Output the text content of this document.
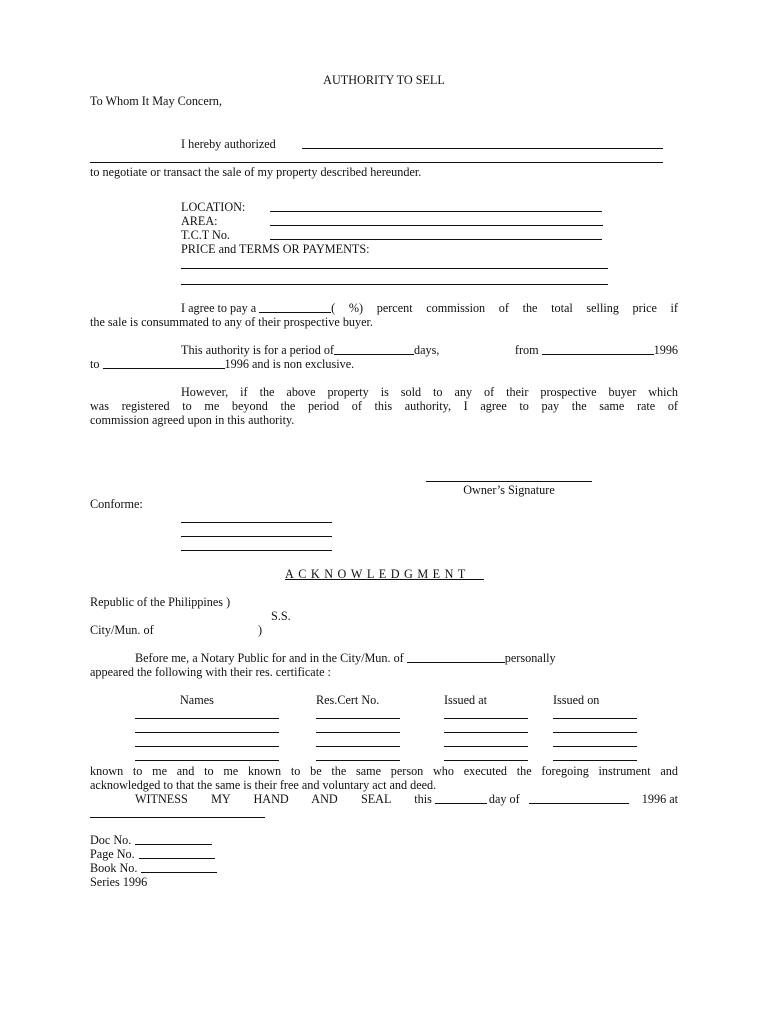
AUTHORITY TO SELL
To Whom It May Concern,
I hereby authorized
to negotiate or transact the sale of my property described hereunder.
LOCATION:
AREA:
T.C.T No.
PRICE and TERMS OR PAYMENTS:
I agree to pay a	( %) percent commission of the total selling price if
the sale is consummated to any of their prospective buyer.
This authority is for a period of	days, from	1996
to	1996 and is non exclusive.
However, if the above property is sold to any of their prospective buyer which
was registered to me beyond the period of this authority, I agree to pay the same rate of
commission agreed upon in this authority.
Owner’s Signature
Conforme:
ACKNOWLEDGMENT
Republic of the Philippines )
S.S.
City/Mun. of	)
Before me, a Notary Public for and in the City/Mun. of	personally
appeared the following with their res. certificate :
Names	Res.Cert No.	Issued at	Issued on
known to me and to me known to be the same person who executed the foregoing instrument and
acknowledged to that the same is their free and voluntary act and deed.
WITNESS MY HAND AND SEAL this	day of	1996 at
Doc No.
Page No.
Book No.
Series 1996
